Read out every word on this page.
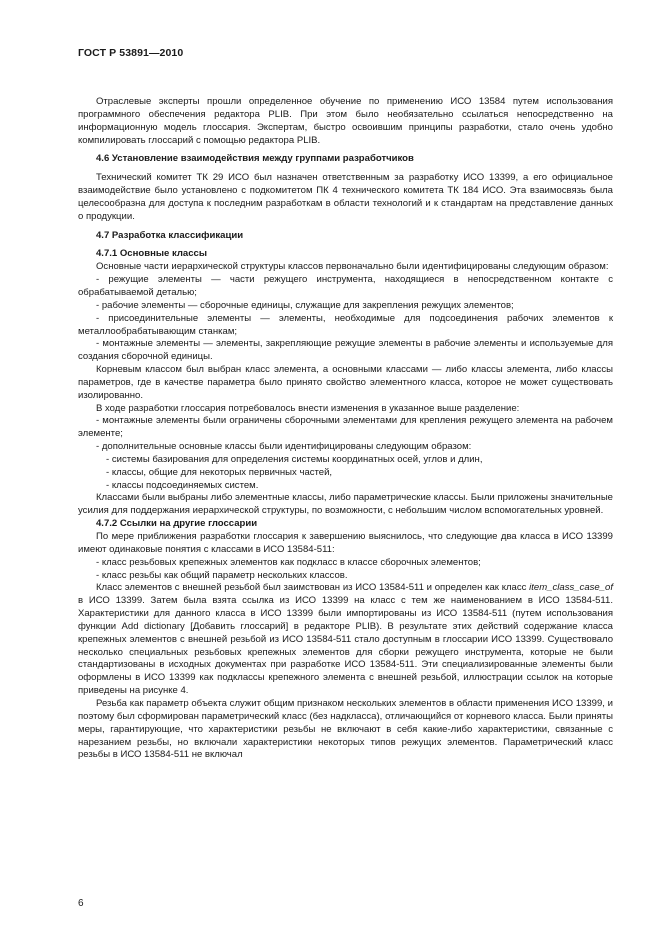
ГОСТ Р 53891—2010

Отраслевые эксперты прошли определенное обучение по применению ИСО 13584 путем использования программного обеспечения редактора PLIB. При этом было необязательно ссылаться непосредственно на информационную модель глоссария. Экспертам, быстро освоившим принципы разработки, стало очень удобно компилировать глоссарий с помощью редактора PLIB.

4.6 Установление взаимодействия между группами разработчиков

Технический комитет ТК 29 ИСО был назначен ответственным за разработку ИСО 13399, а его официальное взаимодействие было установлено с подкомитетом ПК 4 технического комитета ТК 184 ИСО. Эта взаимосвязь была целесообразна для доступа к последним разработкам в области технологий и к стандартам на представление данных о продукции.

4.7 Разработка классификации
4.7.1 Основные классы

Основные части иерархической структуры классов первоначально были идентифицированы следующим образом:

- режущие элементы — части режущего инструмента, находящиеся в непосредственном контакте с обрабатываемой деталью;

- рабочие элементы — сборочные единицы, служащие для закрепления режущих элементов;

- присоединительные элементы — элементы, необходимые для подсоединения рабочих элементов к металлообрабатывающим станкам;

- монтажные элементы — элементы, закрепляющие режущие элементы в рабочие элементы и используемые для создания сборочной единицы.

Корневым классом был выбран класс элемента, а основными классами — либо классы элемента, либо классы параметров, где в качестве параметра было принято свойство элементного класса, которое не может существовать изолированно.

В ходе разработки глоссария потребовалось внести изменения в указанное выше разделение:

- монтажные элементы были ограничены сборочными элементами для крепления режущего элемента на рабочем элементе;

- дополнительные основные классы были идентифицированы следующим образом:

- системы базирования для определения системы координатных осей, углов и длин,

- классы, общие для некоторых первичных частей,

- классы подсоединяемых систем.

Классами были выбраны либо элементные классы, либо параметрические классы. Были приложены значительные усилия для поддержания иерархической структуры, по возможности, с небольшим числом вспомогательных уровней.

4.7.2 Ссылки на другие глоссарии

По мере приближения разработки глоссария к завершению выяснилось, что следующие два класса в ИСО 13399 имеют одинаковые понятия с классами в ИСО 13584-511:

- класс резьбовых крепежных элементов как подкласс в классе сборочных элементов;

- класс резьбы как общий параметр нескольких классов.

Класс элементов с внешней резьбой был заимствован из ИСО 13584-511 и определен как класс item_class_case_of в ИСО 13399. Затем была взята ссылка из ИСО 13399 на класс с тем же наименованием в ИСО 13584-511. Характеристики для данного класса в ИСО 13399 были импортированы из ИСО 13584-511 (путем использования функции Add dictionary [Добавить глоссарий] в редакторе PLIB). В результате этих действий содержание класса крепежных элементов с внешней резьбой из ИСО 13584-511 стало доступным в глоссарии ИСО 13399. Существовало несколько специальных резьбовых крепежных элементов для сборки режущего инструмента, которые не были стандартизованы в исходных документах при разработке ИСО 13584-511. Эти специализированные элементы были оформлены в ИСО 13399 как подклассы крепежного элемента с внешней резьбой, иллюстрации ссылок на которые приведены на рисунке 4.

Резьба как параметр объекта служит общим признаком нескольких элементов в области применения ИСО 13399, и поэтому был сформирован параметрический класс (без надкласса), отличающийся от корневого класса. Были приняты меры, гарантирующие, что характеристики резьбы не включают в себя какие-либо характеристики, связанные с нарезанием резьбы, но включали характеристики некоторых типов режущих элементов. Параметрический класс резьбы в ИСО 13584-511 не включал

6
